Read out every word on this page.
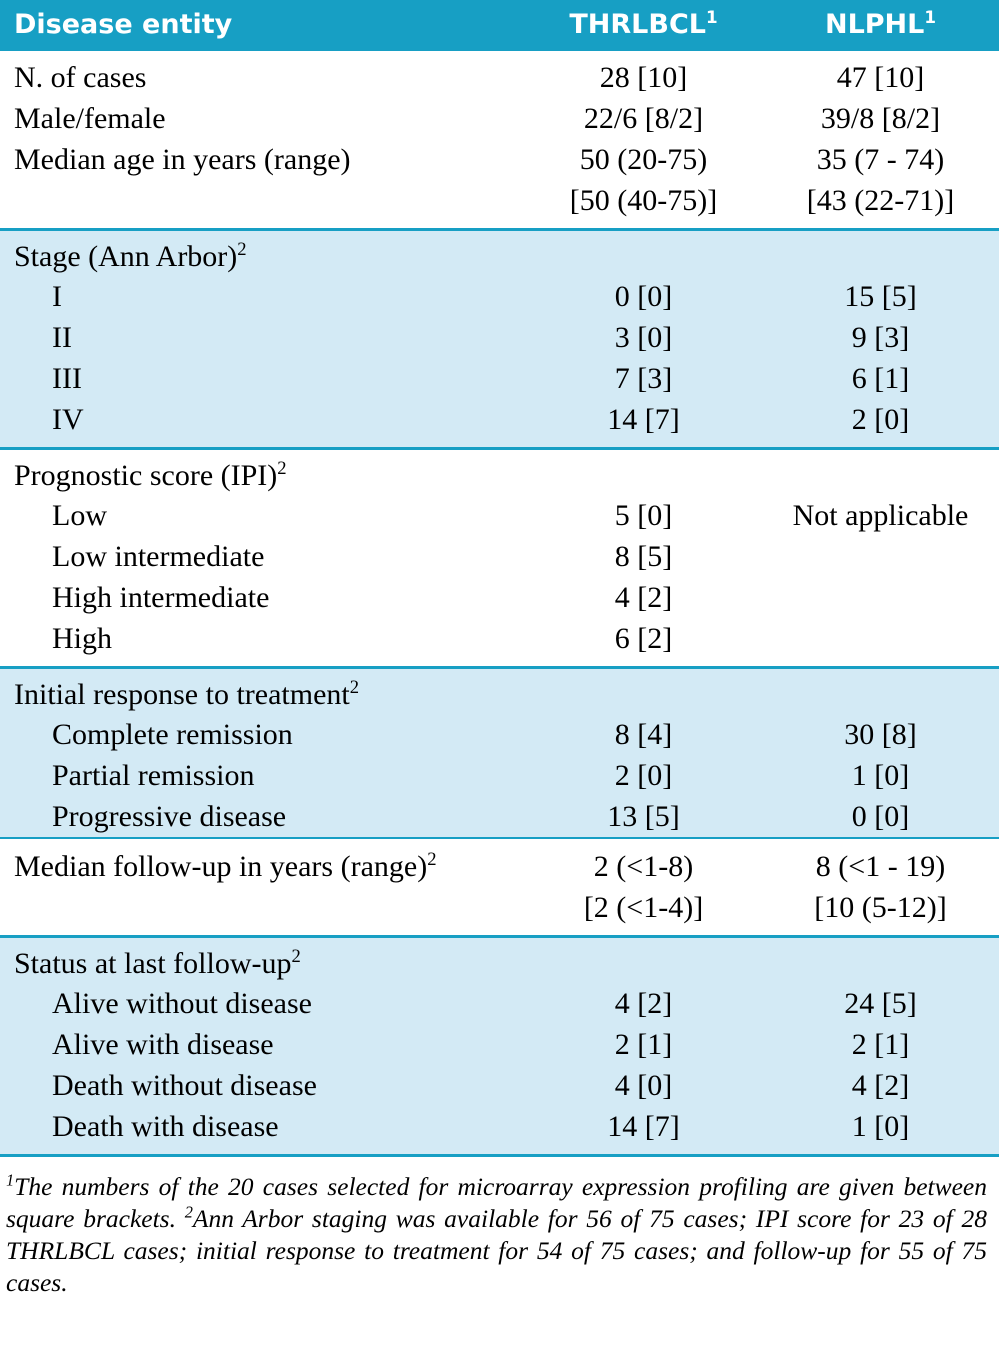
Disease entity	THRLBCL$^1$	NLPHL$^1$

N. of cases	28 [10]	47 [10]
Male/female	22/6 [8/2]	39/8 [8/2]
Median age in years (range)	50 (20-75)	35 (7 - 74)
	[50 (40-75)]	[43 (22-71)]

Stage (Ann Arbor)$^2$		
I	0 [0]	15 [5]
II	3 [0]	9 [3]
III	7 [3]	6 [1]
IV	14 [7]	2 [0]

Prognostic score (IPI)$^2$		
Low	5 [0]	Not applicable
Low intermediate	8 [5]	
High intermediate	4 [2]	
High	6 [2]	

Initial response to treatment$^2$		
Complete remission	8 [4]	30 [8]
Partial remission	2 [0]	1 [0]
Progressive disease	13 [5]	0 [0]

Median follow-up in years (range)$^2$	2 (<1-8)	8 (<1 - 19)
	[2 (<1-4)]	[10 (5-12)]

Status at last follow-$up^2$		
Alive without disease	4 [2]	24 [5]
Alive with disease	2 [1]	2 [1]
Death without disease	4 [0]	4 [2]
Death with disease	14 [7]	1 [0]

$^1$The numbers of the 20 cases selected for microarray expression profiling are given between square brackets. $^2$Ann Arbor staging was available for 56 of 75 cases; IPI score for 23 of 28 THRLBCL cases; initial response to treatment for 54 of 75 cases; and follow-up for 55 of 75 cases.
